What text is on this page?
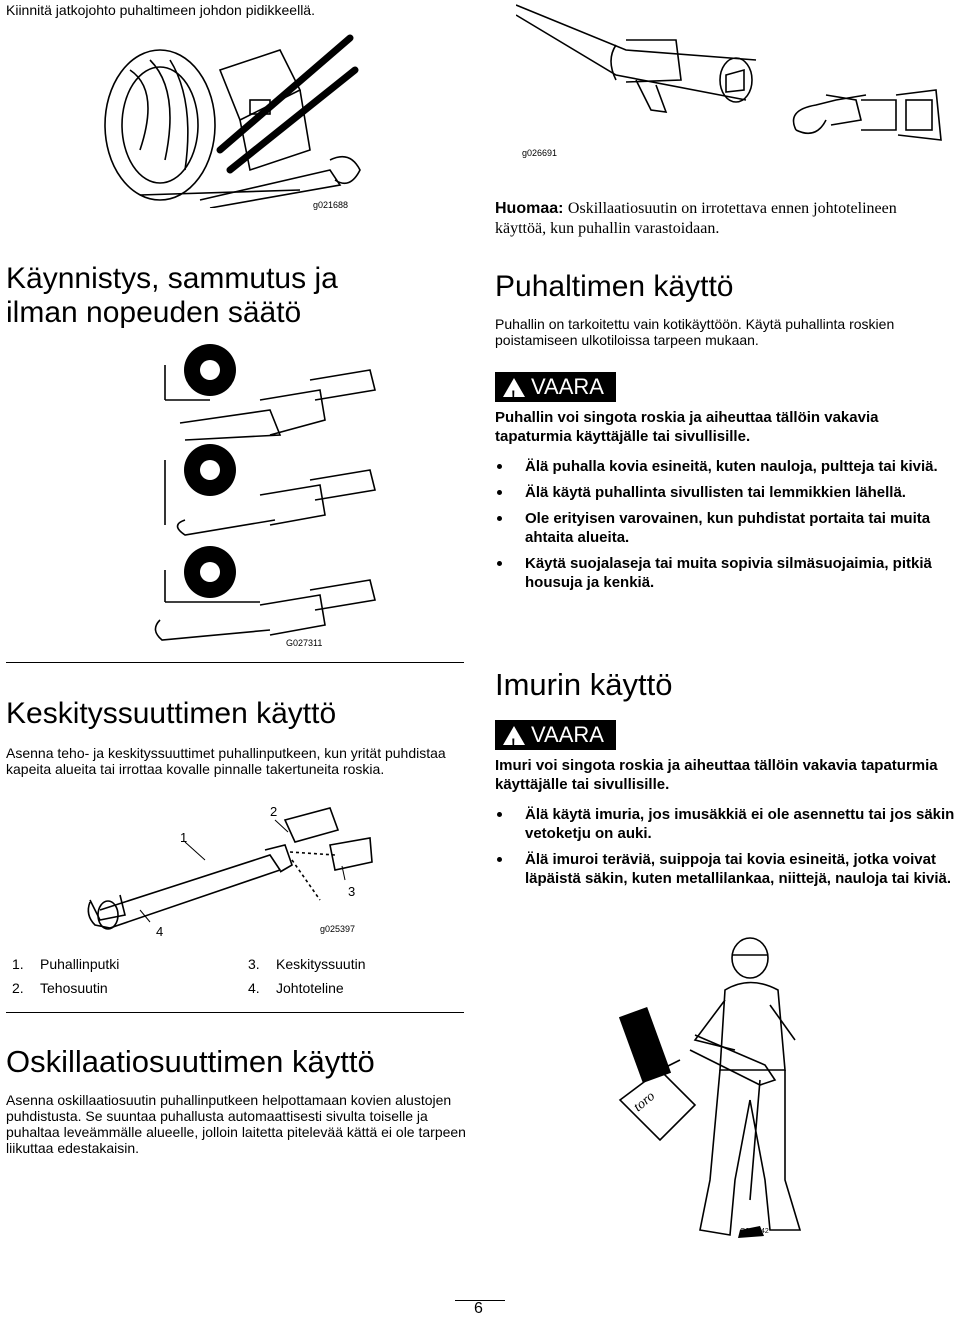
Kiinnitä jatkojohto puhaltimeen johdon pidikkeellä.
g021688
g026691
Huomaa: Oskillaatiosuutin on irrotettava ennen johtotelineen käyttöä, kun puhallin varastoidaan.
Käynnistys, sammutus ja ilman nopeuden säätö
Puhaltimen käyttö
Puhallin on tarkoitettu vain kotikäyttöön. Käytä puhallinta roskien poistamiseen ulkotiloissa tarpeen mukaan.
G027311
!
VAARA
Puhallin voi singota roskia ja aiheuttaa tällöin vakavia tapaturmia käyttäjälle tai sivullisille.
Älä puhalla kovia esineitä, kuten nauloja, pultteja tai kiviä.
Älä käytä puhallinta sivullisten tai lemmikkien lähellä.
Ole erityisen varovainen, kun puhdistat portaita tai muita ahtaita alueita.
Käytä suojalaseja tai muita sopivia silmäsuojaimia, pitkiä housuja ja kenkiä.
Keskityssuuttimen käyttö
Asenna teho- ja keskityssuuttimet puhallinputkeen, kun yrität puhdistaa kapeita alueita tai irrottaa kovalle pinnalle takertuneita roskia.
Imurin käyttö
!
VAARA
Imuri voi singota roskia ja aiheuttaa tällöin vakavia tapaturmia käyttäjälle tai sivullisille.
Älä käytä imuria, jos imusäkkiä ei ole asennettu tai jos säkin vetoketju on auki.
Älä imuroi teräviä, suippoja tai kovia esineitä, jotka voivat läpäistä säkin, kuten metallilankaa, niittejä, nauloja tai kiviä.
1
2
3
4	g025397
1. Puhallinputki	3. Keskityssuutin
2. Tehosuutin	4. Johtoteline
toro
G004942
Oskillaatiosuuttimen käyttö
Asenna oskillaatiosuutin puhallinputkeen helpottamaan kovien alustojen puhdistusta. Se suuntaa puhallusta automaattisesti sivulta toiselle ja puhaltaa leveämmälle alueelle, jolloin laitetta pitelevää kättä ei ole tarpeen liikuttaa edestakaisin.
6
